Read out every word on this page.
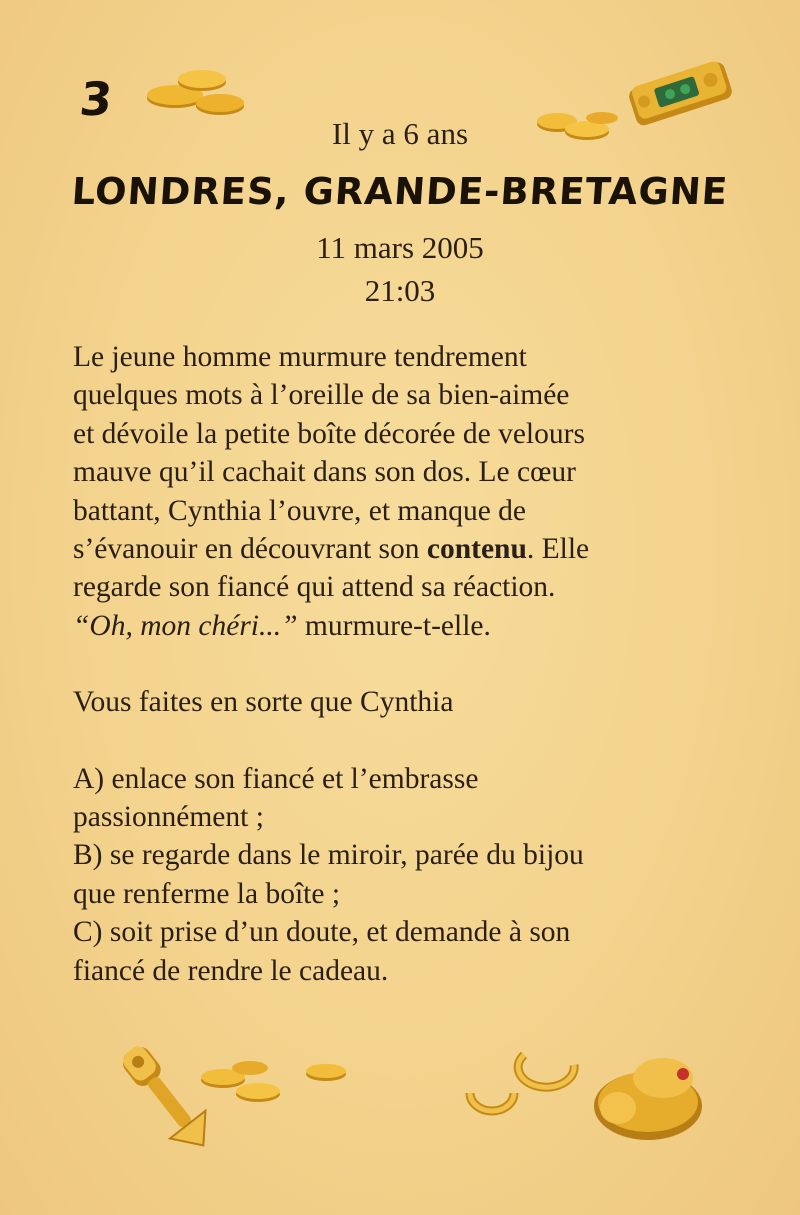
3
Il y a 6 ans
LONDRES, GRANDE-BRETAGNE
11 mars 2005
21:03

Le jeune homme murmure tendrement

quelques mots à l’oreille de sa bien-aimée

et dévoile la petite boîte décorée de velours

mauve qu’il cachait dans son dos. Le cœur

battant, Cynthia l’ouvre, et manque de

s’évanouir en découvrant son contenu. Elle

regarde son fiancé qui attend sa réaction.

“Oh, mon chéri...” murmure-t-elle.

Vous faites en sorte que Cynthia

A) enlace son fiancé et l’embrasse

passionnément ;

B) se regarde dans le miroir, parée du bijou

que renferme la boîte ;

C) soit prise d’un doute, et demande à son

fiancé de rendre le cadeau.
